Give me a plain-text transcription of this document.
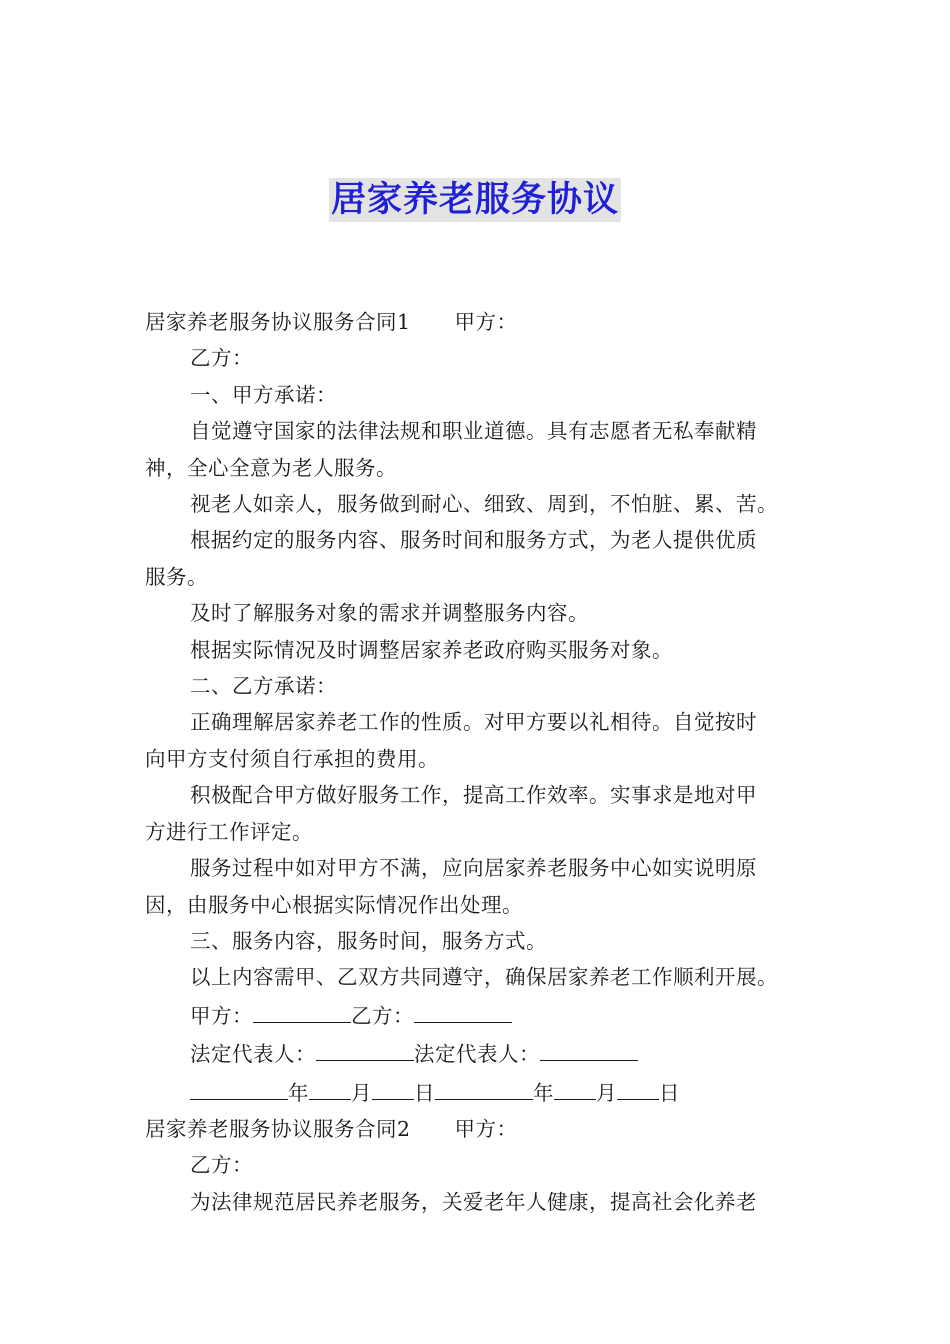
居家养老服务协议

居家养老服务协议服务合同1 甲方：

乙方：

一、甲方承诺：

自觉遵守国家的法律法规和职业道德。具有志愿者无私奉献精

神，全心全意为老人服务。

视老人如亲人，服务做到耐心、细致、周到，不怕脏、累、苦。

根据约定的服务内容、服务时间和服务方式，为老人提供优质

服务。

及时了解服务对象的需求并调整服务内容。

根据实际情况及时调整居家养老政府购买服务对象。

二、乙方承诺：

正确理解居家养老工作的性质。对甲方要以礼相待。自觉按时

向甲方支付须自行承担的费用。

积极配合甲方做好服务工作，提高工作效率。实事求是地对甲

方进行工作评定。

服务过程中如对甲方不满，应向居家养老服务中心如实说明原

因，由服务中心根据实际情况作出处理。

三、服务内容，服务时间，服务方式。

以上内容需甲、乙双方共同遵守，确保居家养老工作顺利开展。

甲方：	乙方：

法定代表人：	法定代表人：

年 月 日	年 月 日

居家养老服务协议服务合同2 甲方：

乙方：

为法律规范居民养老服务，关爱老年人健康，提高社会化养老
